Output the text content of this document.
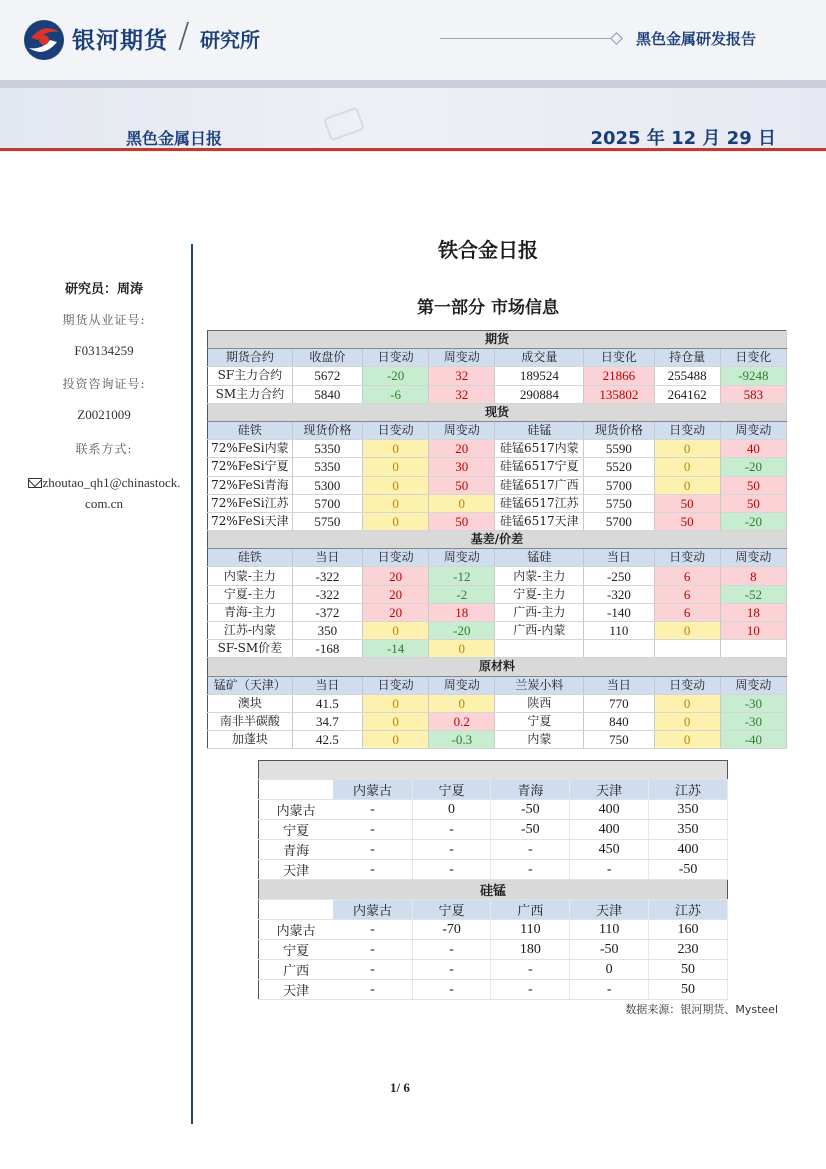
银河期货 / 研究所	黑色金属研发报告
黑色金属日报	2025 年 12 月 29 日
研究员：周涛
期货从业证号:
F03134259
投资咨询证号:
Z0021009
联系方式:
zhoutao_qh1@chinastock.
com.cn
铁合金日报
第一部分 市场信息
期货							
期货合约	收盘价	日变动	周变动	成交量	日变化	持仓量	日变化
SF主力合约	5672	-20	32	189524	21866	255488	-9248
SM主力合约	5840	-6	32	290884	135802	264162	583
现货							
硅铁	现货价格	日变动	周变动	硅锰	现货价格	日变动	周变动
72%FeSi内蒙	5350	0	20	硅锰6517内蒙	5590	0	40
72%FeSi宁夏	5350	0	30	硅锰6517宁夏	5520	0	-20
72%FeSi青海	5300	0	50	硅锰6517广西	5700	0	50
72%FeSi江苏	5700	0	0	硅锰6517江苏	5750	50	50
72%FeSi天津	5750	0	50	硅锰6517天津	5700	50	-20
基差/价差							
硅铁	当日	日变动	周变动	锰硅	当日	日变动	周变动
内蒙-主力	-322	20	-12	内蒙-主力	-250	6	8
宁夏-主力	-322	20	-2	宁夏-主力	-320	6	-52
青海-主力	-372	20	18	广西-主力	-140	6	18
江苏-内蒙	350	0	-20	广西-内蒙	110	0	10
SF-SM价差	-168	-14	0				
原材料							
锰矿（天津）	当日	日变动	周变动	兰炭小料	当日	日变动	周变动
澳块	41.5	0	0	陕西	770	0	-30
南非半碳酸	34.7	0	0.2	宁夏	840	0	-30
加蓬块	42.5	0	-0.3	内蒙	750	0	-40

	内蒙古	宁夏	青海	天津	江苏
内蒙古	-	0	-50	400	350
宁夏	-	-	-50	400	350
青海	-	-	-	450	400
天津	-	-	-	-	-50
硅锰					
	内蒙古	宁夏	广西	天津	江苏
内蒙古	-	-70	110	110	160
宁夏	-	-	180	-50	230
广西	-	-	-	0	50
天津	-	-	-	-	50
数据来源：银河期货、Mysteel
1/ 6
